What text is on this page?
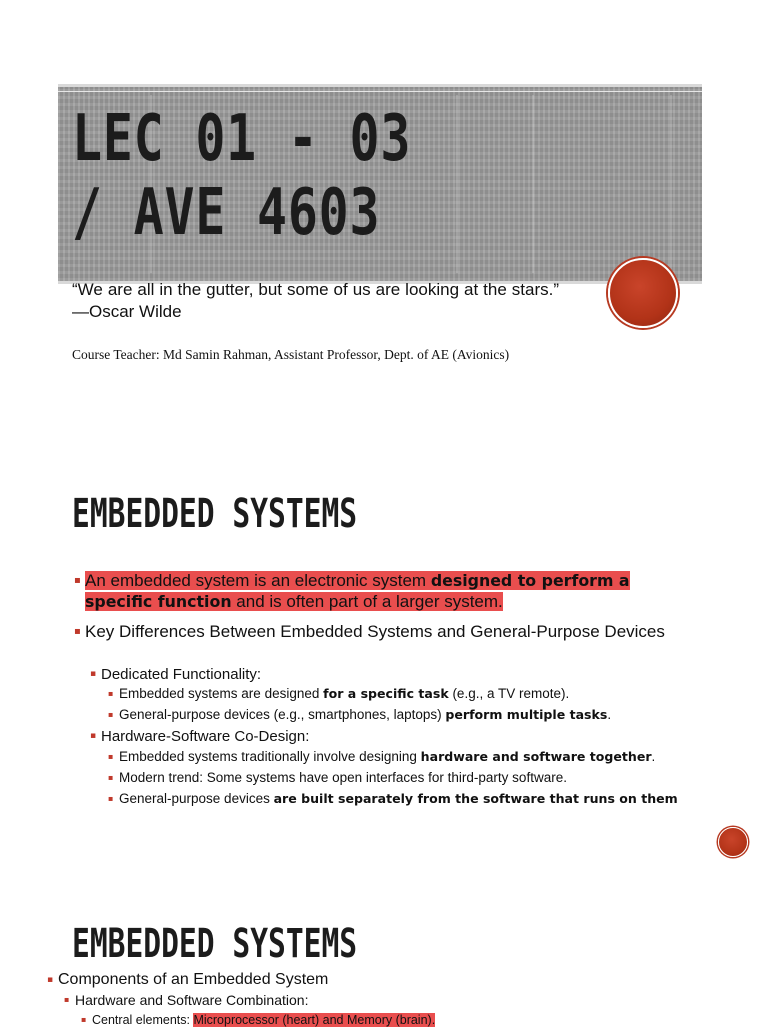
LEC 01 - 03
/ AVE 4603

“We are all in the gutter, but some of us are looking at the stars.” —Oscar Wilde

Course Teacher: Md Samin Rahman, Assistant Professor, Dept. of AE (Avionics)

EMBEDDED SYSTEMS

▪ An embedded system is an electronic system designed to perform a specific function and is often part of a larger system.

▪ Key Differences Between Embedded Systems and General-Purpose Devices

▪ Dedicated Functionality:

▪ Embedded systems are designed for a specific task (e.g., a TV remote).

▪ General-purpose devices (e.g., smartphones, laptops) perform multiple tasks.

▪ Hardware-Software Co-Design:

▪ Embedded systems traditionally involve designing hardware and software together.

▪ Modern trend: Some systems have open interfaces for third-party software.

▪ General-purpose devices are built separately from the software that runs on them

EMBEDDED SYSTEMS

▪ Components of an Embedded System

▪ Hardware and Software Combination:

▪ Central elements: Microprocessor (heart) and Memory (brain).
